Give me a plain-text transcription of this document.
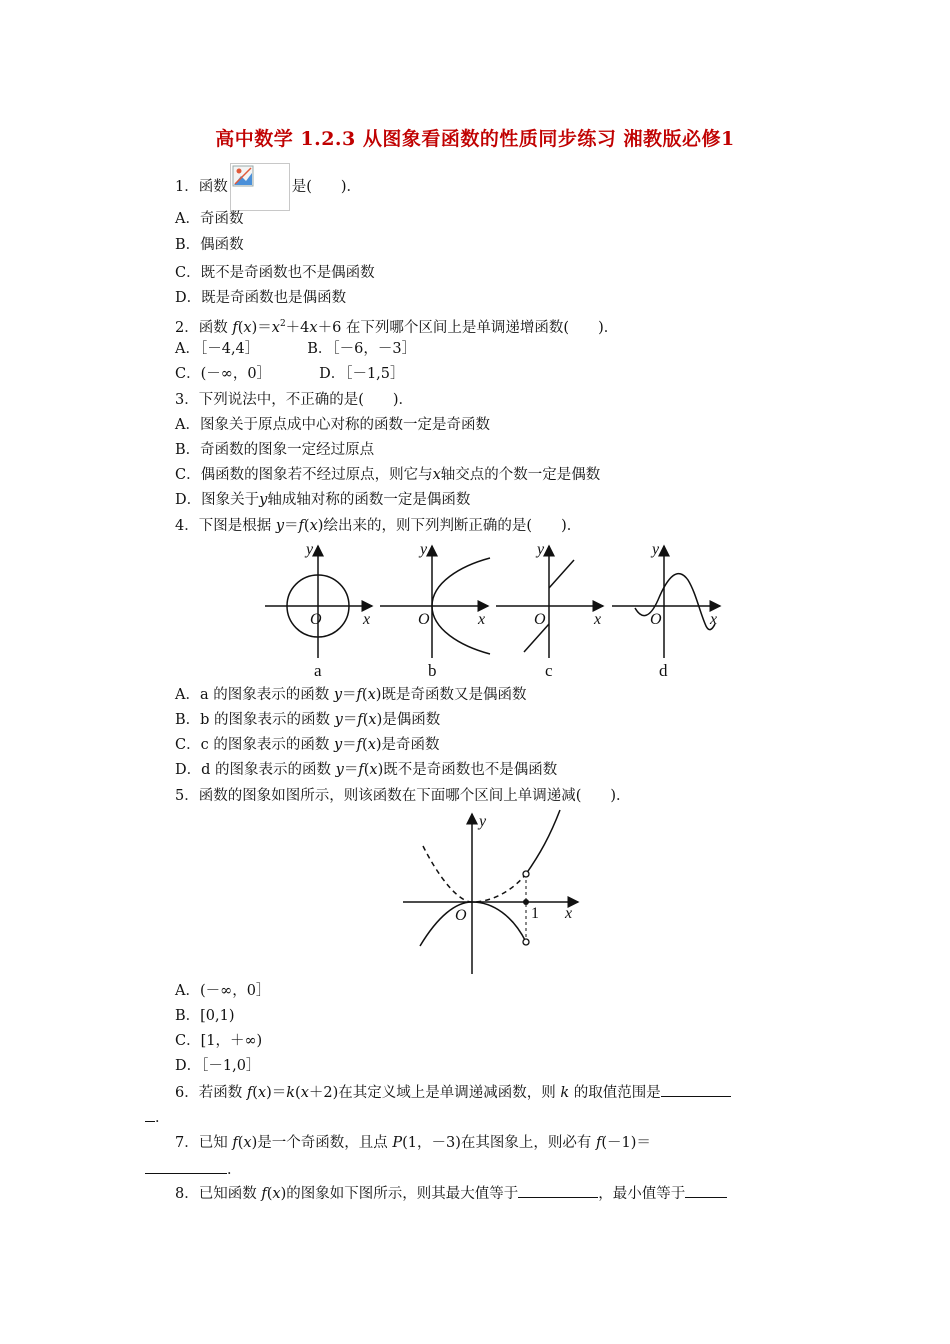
高中数学 1.2.3 从图象看函数的性质同步练习 湘教版必修1
1．函数	是(　　)．
A．奇函数
B．偶函数
C．既不是奇函数也不是偶函数
D．既是奇函数也是偶函数
2．函数 $f(x)=x^2+4x+6$ 在下列哪个区间上是单调递增函数(　　)．
A．［－4,4］	B．［－6，－3］
C．(－∞，0］	D．［－1,5］
3．下列说法中，不正确的是(　　)．
A．图象关于原点成中心对称的函数一定是奇函数
B．奇函数的图象一定经过原点
C．偶函数的图象若不经过原点，则它与x轴交点的个数一定是偶数
D．图象关于y轴成轴对称的函数一定是偶函数
4．下图是根据 y＝f(x)绘出来的，则下列判断正确的是(　　)．
O	x
y
a
O	x
y
b
O	x
y
c
O	x
y
d
A．a 的图象表示的函数 y＝f(x)既是奇函数又是偶函数
B．b 的图象表示的函数 y＝f(x)是偶函数
C．c 的图象表示的函数 y＝f(x)是奇函数
D．d 的图象表示的函数 y＝f(x)既不是奇函数也不是偶函数
5．函数的图象如图所示，则该函数在下面哪个区间上单调递减(　　)．
O	1 x
y
A．(－∞，0］
B．[0,1)
C．[1，＋∞)
D．［－1,0］
6．若函数 f(x)＝k(x＋2)在其定义域上是单调递减函数，则 k 的取值范围是
．
7．已知 f(x)是一个奇函数，且点 P(1，－3)在其图象上，则必有 f(－1)＝
．
8．已知函数 f(x)的图象如下图所示，则其最大值等于	，最小值等于
